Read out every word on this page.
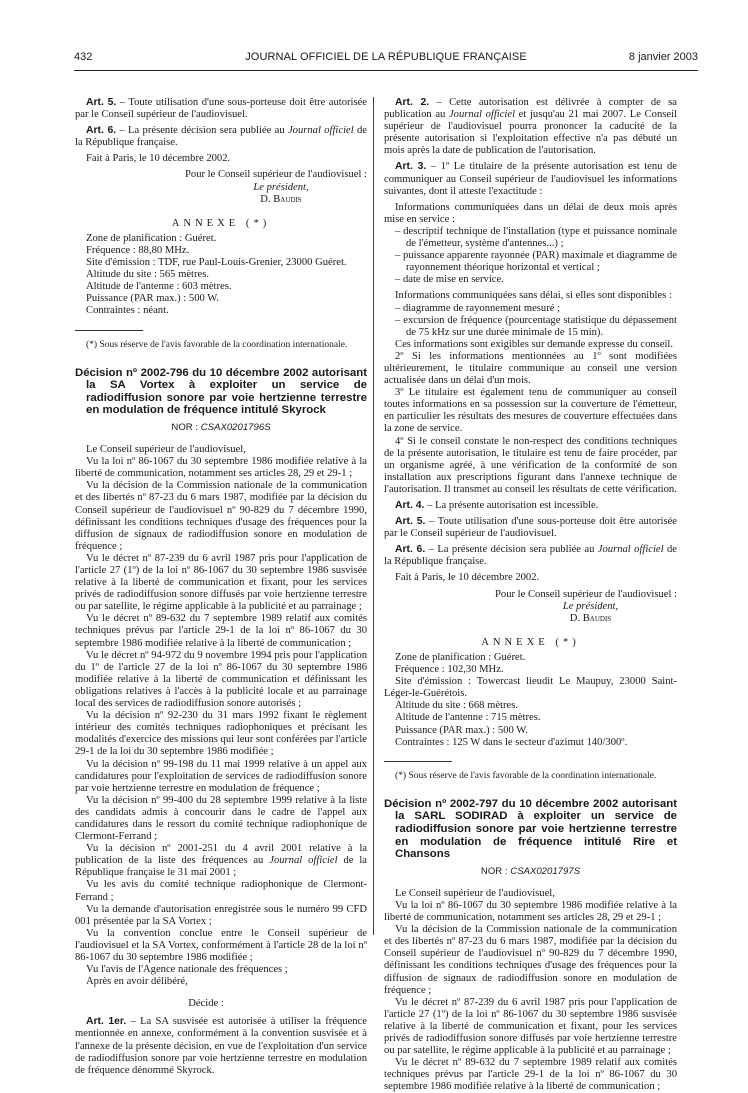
432	JOURNAL OFFICIEL DE LA RÉPUBLIQUE FRANÇAISE	8 janvier 2003

Art. 5. – Toute utilisation d'une sous-porteuse doit être autorisée par le Conseil supérieur de l'audiovisuel.

Art. 6. – La présente décision sera publiée au Journal officiel de la République française.

Fait à Paris, le 10 décembre 2002.

Pour le Conseil supérieur de l'audiovisuel :

Le président,

D. Baudis

ANNEXE (*)

Zone de planification : Guéret.

Fréquence : 88,80 MHz.

Site d'émission : TDF, rue Paul-Louis-Grenier, 23000 Guéret.

Altitude du site : 565 mètres.

Altitude de l'antenne : 603 mètres.

Puissance (PAR max.) : 500 W.

Contraintes : néant.

(*) Sous réserve de l'avis favorable de la coordination internationale.

Décision nº 2002-796 du 10 décembre 2002 autorisant la SA Vortex à exploiter un service de radiodiffusion sonore par voie hertzienne terrestre en modulation de fréquence intitulé Skyrock

NOR : CSAX0201796S

Le Conseil supérieur de l'audiovisuel,

Vu la loi nº 86-1067 du 30 septembre 1986 modifiée relative à la liberté de communication, notamment ses articles 28, 29 et 29-1 ;

Vu la décision de la Commission nationale de la communication et des libertés nº 87-23 du 6 mars 1987, modifiée par la décision du Conseil supérieur de l'audiovisuel nº 90-829 du 7 décembre 1990, définissant les conditions techniques d'usage des fréquences pour la diffusion de signaux de radiodiffusion sonore en modulation de fréquence ;

Vu le décret nº 87-239 du 6 avril 1987 pris pour l'application de l'article 27 (1º) de la loi nº 86-1067 du 30 septembre 1986 susvisée relative à la liberté de communication et fixant, pour les services privés de radiodiffusion sonore diffusés par voie hertzienne terrestre ou par satellite, le régime applicable à la publicité et au parrainage ;

Vu le décret nº 89-632 du 7 septembre 1989 relatif aux comités techniques prévus par l'article 29-1 de la loi nº 86-1067 du 30 septembre 1986 modifiée relative à la liberté de communication ;

Vu le décret nº 94-972 du 9 novembre 1994 pris pour l'application du 1º de l'article 27 de la loi nº 86-1067 du 30 septembre 1986 modifiée relative à la liberté de communication et définissant les obligations relatives à l'accès à la publicité locale et au parrainage local des services de radiodiffusion sonore autorisés ;

Vu la décision nº 92-230 du 31 mars 1992 fixant le règlement intérieur des comités techniques radiophoniques et précisant les modalités d'exercice des missions qui leur sont conférées par l'article 29-1 de la loi du 30 septembre 1986 modifiée ;

Vu la décision nº 99-198 du 11 mai 1999 relative à un appel aux candidatures pour l'exploitation de services de radiodiffusion sonore par voie hertzienne terrestre en modulation de fréquence ;

Vu la décision nº 99-400 du 28 septembre 1999 relative à la liste des candidats admis à concourir dans le cadre de l'appel aux candidatures dans le ressort du comité technique radiophonique de Clermont-Ferrand ;

Vu la décision nº 2001-251 du 4 avril 2001 relative à la publication de la liste des fréquences au Journal officiel de la République française le 31 mai 2001 ;

Vu les avis du comité technique radiophonique de Clermont-Ferrand ;

Vu la demande d'autorisation enregistrée sous le numéro 99 CFD 001 présentée par la SA Vortex ;

Vu la convention conclue entre le Conseil supérieur de l'audiovisuel et la SA Vortex, conformément à l'article 28 de la loi nº 86-1067 du 30 septembre 1986 modifiée ;

Vu l'avis de l'Agence nationale des fréquences ;

Après en avoir délibéré,

Décide :

Art. 1er. – La SA susvisée est autorisée à utiliser la fréquence mentionnée en annexe, conformément à la convention susvisée et à l'annexe de la présente décision, en vue de l'exploitation d'un service de radiodiffusion sonore par voie hertzienne terrestre en modulation de fréquence dénommé Skyrock.

Art. 2. – Cette autorisation est délivrée à compter de sa publication au Journal officiel et jusqu'au 21 mai 2007. Le Conseil supérieur de l'audiovisuel pourra prononcer la caducité de la présente autorisation si l'exploitation effective n'a pas débuté un mois après la date de publication de l'autorisation.

Art. 3. – 1º Le titulaire de la présente autorisation est tenu de communiquer au Conseil supérieur de l'audiovisuel les informations suivantes, dont il atteste l'exactitude :

Informations communiquées dans un délai de deux mois après mise en service :

– descriptif technique de l'installation (type et puissance nominale de l'émetteur, système d'antennes...) ;

– puissance apparente rayonnée (PAR) maximale et diagramme de rayonnement théorique horizontal et vertical ;

– date de mise en service.

Informations communiquées sans délai, si elles sont disponibles :

– diagramme de rayonnement mesuré ;

– excursion de fréquence (pourcentage statistique du dépassement de 75 kHz sur une durée minimale de 15 min).

Ces informations sont exigibles sur demande expresse du conseil.

2º Si les informations mentionnées au 1º sont modifiées ultérieurement, le titulaire communique au conseil une version actualisée dans un délai d'un mois.

3º Le titulaire est également tenu de communiquer au conseil toutes informations en sa possession sur la couverture de l'émetteur, en particulier les résultats des mesures de couverture effectuées dans la zone de service.

4º Si le conseil constate le non-respect des conditions techniques de la présente autorisation, le titulaire est tenu de faire procéder, par un organisme agréé, à une vérification de la conformité de son installation aux prescriptions figurant dans l'annexe technique de l'autorisation. Il transmet au conseil les résultats de cette vérification.

Art. 4. – La présente autorisation est incessible.

Art. 5. – Toute utilisation d'une sous-porteuse doit être autorisée par le Conseil supérieur de l'audiovisuel.

Art. 6. – La présente décision sera publiée au Journal officiel de la République française.

Fait à Paris, le 10 décembre 2002.

Pour le Conseil supérieur de l'audiovisuel :

Le président,

D. Baudis

ANNEXE (*)

Zone de planification : Guéret.

Fréquence : 102,30 MHz.

Site d'émission : Towercast lieudit Le Maupuy, 23000 Saint-Léger-le-Guérétois.

Altitude du site : 668 mètres.

Altitude de l'antenne : 715 mètres.

Puissance (PAR max.) : 500 W.

Contraintes : 125 W dans le secteur d'azimut 140/300º.

(*) Sous réserve de l'avis favorable de la coordination internationale.

Décision nº 2002-797 du 10 décembre 2002 autorisant la SARL SODIRAD à exploiter un service de radiodiffusion sonore par voie hertzienne terrestre en modulation de fréquence intitulé Rire et Chansons

NOR : CSAX0201797S

Le Conseil supérieur de l'audiovisuel,

Vu la loi nº 86-1067 du 30 septembre 1986 modifiée relative à la liberté de communication, notamment ses articles 28, 29 et 29-1 ;

Vu la décision de la Commission nationale de la communication et des libertés nº 87-23 du 6 mars 1987, modifiée par la décision du Conseil supérieur de l'audiovisuel nº 90-829 du 7 décembre 1990, définissant les conditions techniques d'usage des fréquences pour la diffusion de signaux de radiodiffusion sonore en modulation de fréquence ;

Vu le décret nº 87-239 du 6 avril 1987 pris pour l'application de l'article 27 (1º) de la loi nº 86-1067 du 30 septembre 1986 susvisée relative à la liberté de communication et fixant, pour les services privés de radiodiffusion sonore diffusés par voie hertzienne terrestre ou par satellite, le régime applicable à la publicité et au parrainage ;

Vu le décret nº 89-632 du 7 septembre 1989 relatif aux comités techniques prévus par l'article 29-1 de la loi nº 86-1067 du 30 septembre 1986 modifiée relative à la liberté de communication ;
